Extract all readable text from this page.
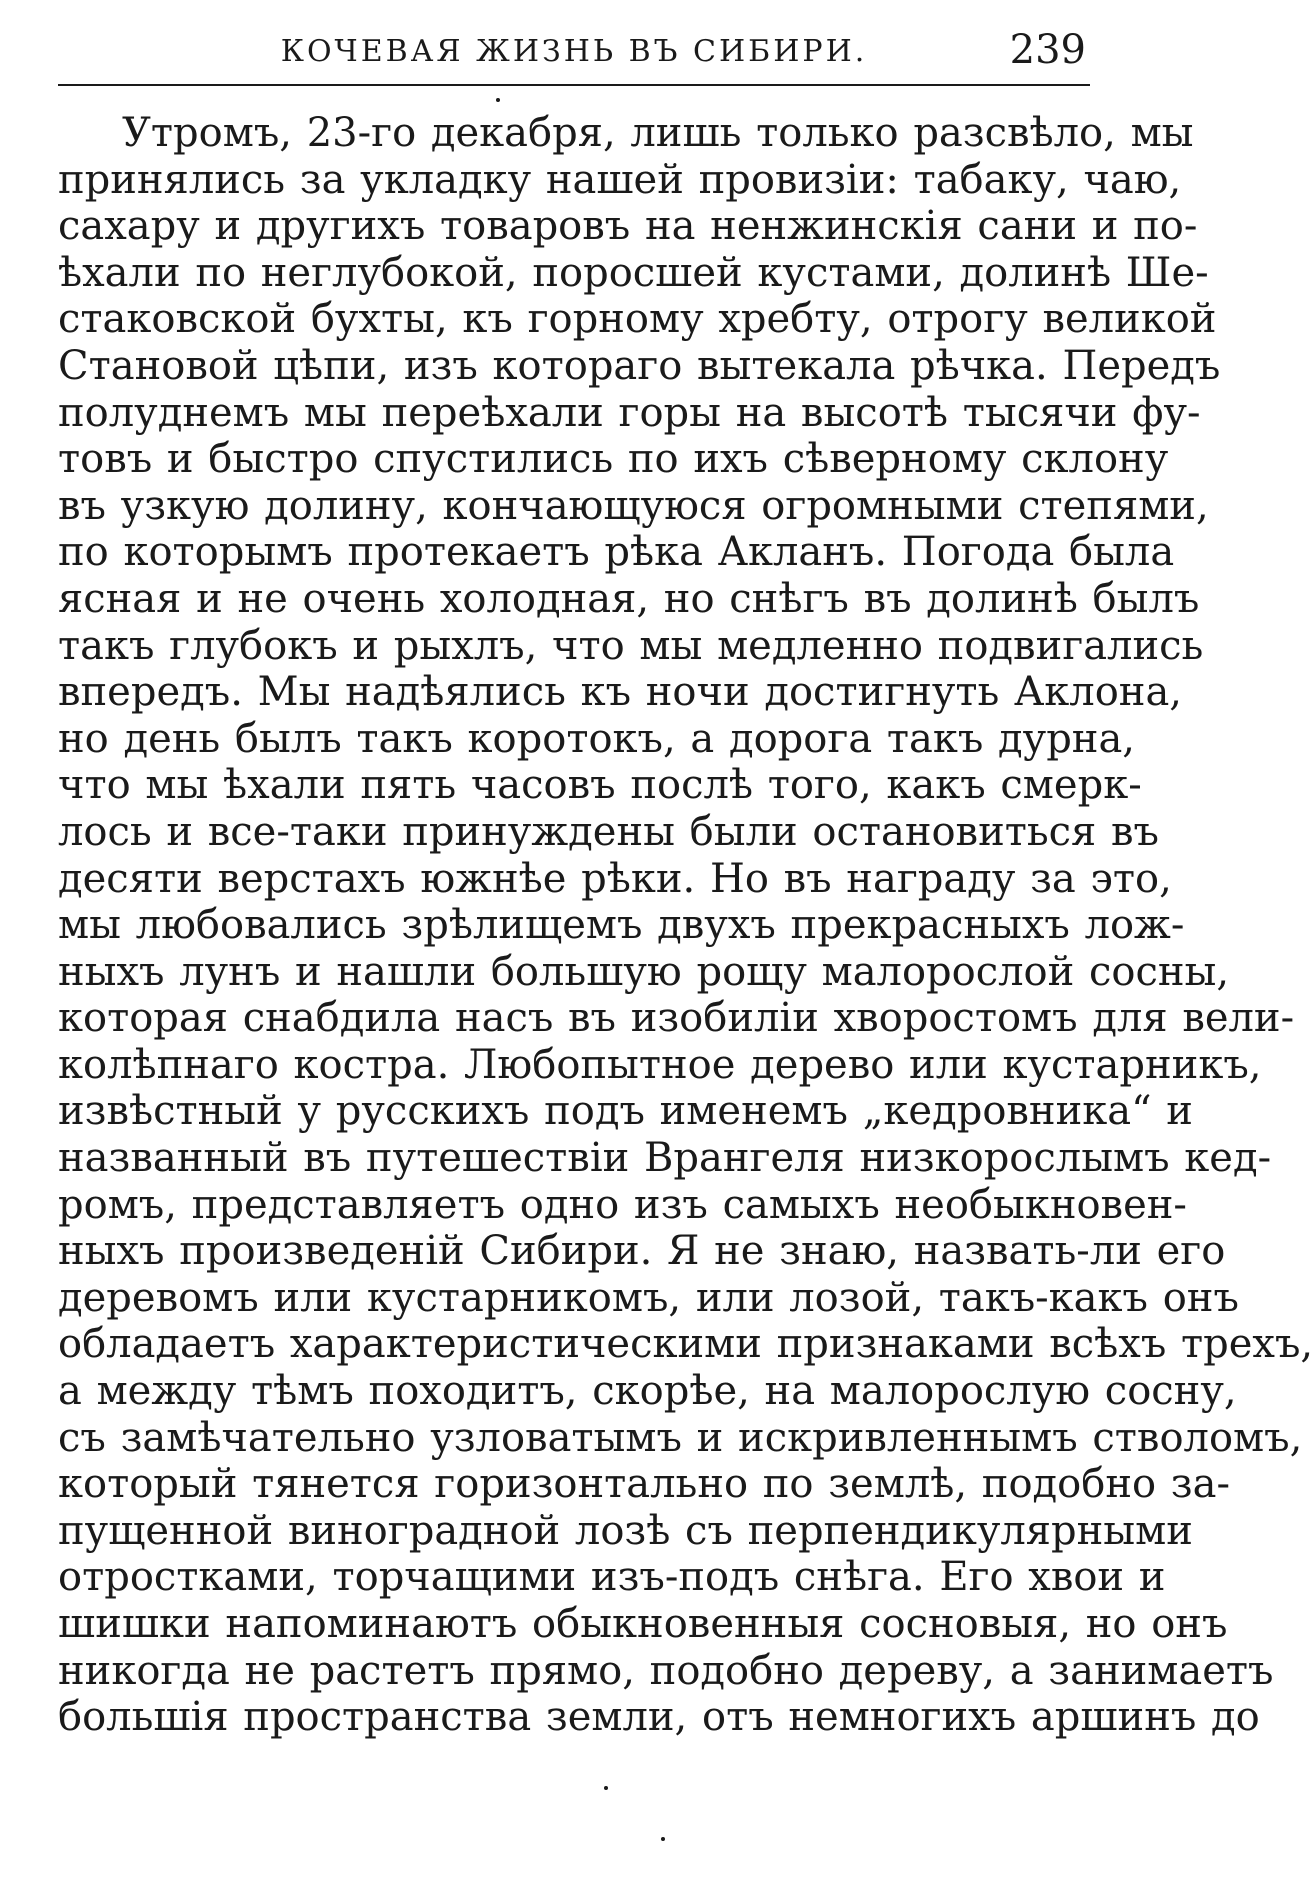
КОЧЕВАЯ ЖИЗНЬ ВЪ СИБИРИ.	239
Утромъ, 23-го декабря, лишь только разсвѣло, мы
принялись за укладку нашей провизіи: табаку, чаю,
сахару и другихъ товаровъ на ненжинскія сани и по-
ѣхали по неглубокой, поросшей кустами, долинѣ Ше-
стаковской бухты, къ горному хребту, отрогу великой
Становой цѣпи, изъ котораго вытекала рѣчка. Передъ
полуднемъ мы переѣхали горы на высотѣ тысячи фу-
товъ и быстро спустились по ихъ сѣверному склону
въ узкую долину, кончающуюся огромными степями,
по которымъ протекаетъ рѣка Акланъ. Погода была
ясная и не очень холодная, но снѣгъ въ долинѣ былъ
такъ глубокъ и рыхлъ, что мы медленно подвигались
впередъ. Мы надѣялись къ ночи достигнуть Аклона,
но день былъ такъ коротокъ, а дорога такъ дурна,
что мы ѣхали пять часовъ послѣ того, какъ смерк-
лось и все-таки принуждены были остановиться въ
десяти верстахъ южнѣе рѣки. Но въ награду за это,
мы любовались зрѣлищемъ двухъ прекрасныхъ лож-
ныхъ лунъ и нашли большую рощу малорослой сосны,
которая снабдила насъ въ изобиліи хворостомъ для вели-
колѣпнаго костра. Любопытное дерево или кустарникъ,
извѣстный у русскихъ подъ именемъ „кедровника“ и
названный въ путешествіи Врангеля низкорослымъ кед-
ромъ, представляетъ одно изъ самыхъ необыкновен-
ныхъ произведеній Сибири. Я не знаю, назвать-ли его
деревомъ или кустарникомъ, или лозой, такъ-какъ онъ
обладаетъ характеристическими признаками всѣхъ трехъ,
а между тѣмъ походитъ, скорѣе, на малорослую сосну,
съ замѣчательно узловатымъ и искривленнымъ стволомъ,
который тянется горизонтально по землѣ, подобно за-
пущенной виноградной лозѣ съ перпендикулярными
отростками, торчащими изъ-подъ снѣга. Его хвои и
шишки напоминаютъ обыкновенныя сосновыя, но онъ
никогда не растетъ прямо, подобно дереву, а занимаетъ
большія пространства земли, отъ немногихъ аршинъ до
